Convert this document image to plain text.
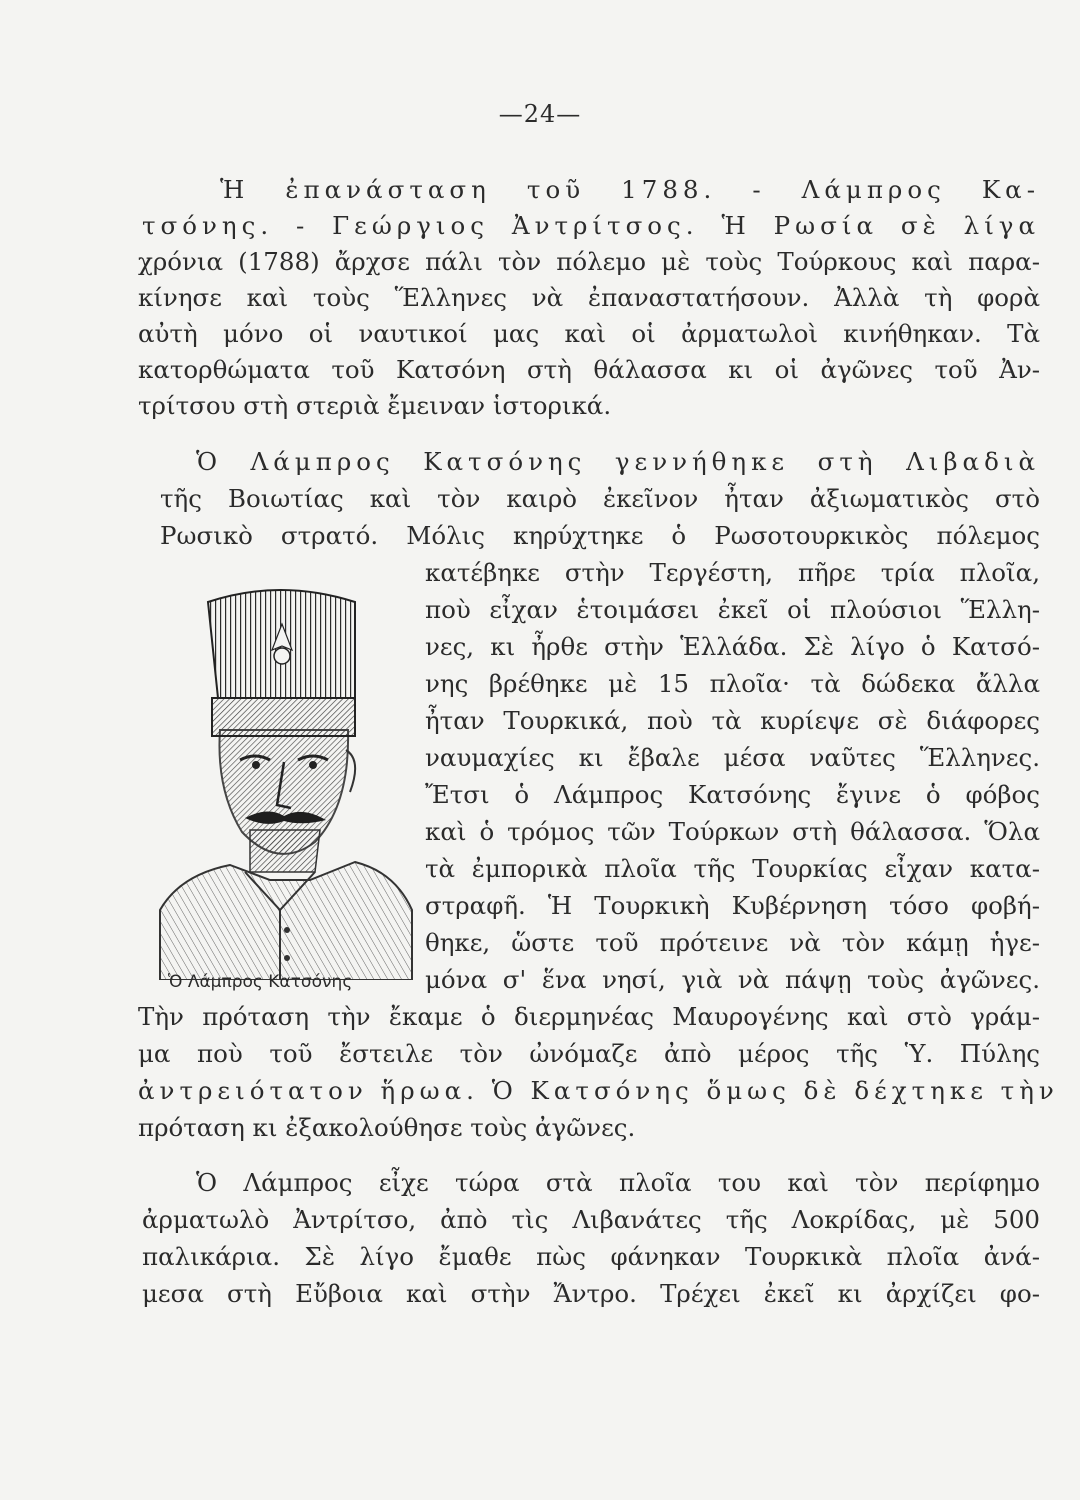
—24—
Ἡ ἐπανάσταση τοῦ 1788. - Λάμπρος Κα-
τσόνης. - Γεώργιος Ἀντρίτσος. Ἡ Ρωσία σὲ λίγα
χρόνια (1788) ἄρχσε πάλι τὸν πόλεμο μὲ τοὺς Τούρκους καὶ παρα-
κίνησε καὶ τοὺς Ἕλληνες νὰ ἐπαναστατήσουν. Ἀλλὰ τὴ φορὰ
αὐτὴ μόνο οἱ ναυτικοί μας καὶ οἱ ἀρματωλοὶ κινήθηκαν. Τὰ
κατορθώματα τοῦ Κατσόνη στὴ θάλασσα κι οἱ ἀγῶνες τοῦ Ἀν-
τρίτσου στὴ στεριὰ ἔμειναν ἱστορικά.
Ὁ Λάμπρος Κατσόνης γεννήθηκε στὴ Λιβαδιὰ
τῆς Βοιωτίας καὶ τὸν καιρὸ ἐκεῖνον ἦταν ἀξιωματικὸς στὸ
Ρωσικὸ στρατό. Μόλις κηρύχτηκε ὁ Ρωσοτουρκικὸς πόλεμος
κατέβηκε στὴν Τεργέστη, πῆρε τρία πλοῖα,
ποὺ εἶχαν ἑτοιμάσει ἐκεῖ οἱ πλούσιοι Ἕλλη-
νες, κι ἦρθε στὴν Ἑλλάδα. Σὲ λίγο ὁ Κατσό-
νης βρέθηκε μὲ 15 πλοῖα· τὰ δώδεκα ἄλλα
ἦταν Τουρκικά, ποὺ τὰ κυρίεψε σὲ διάφορες
ναυμαχίες κι ἔβαλε μέσα ναῦτες Ἕλληνες.
Ἔτσι ὁ Λάμπρος Κατσόνης ἔγινε ὁ φόβος
καὶ ὁ τρόμος τῶν Τούρκων στὴ θάλασσα. Ὅλα
τὰ ἐμπορικὰ πλοῖα τῆς Τουρκίας εἶχαν κατα-
στραφῆ. Ἡ Τουρκικὴ Κυβέρνηση τόσο φοβή-
θηκε, ὥστε τοῦ πρότεινε νὰ τὸν κάμῃ ἡγε-
μόνα σ' ἕνα νησί, γιὰ νὰ πάψῃ τοὺς ἀγῶνες.
Τὴν πρόταση τὴν ἔκαμε ὁ διερμηνέας Μαυρογένης καὶ στὸ γράμ-
μα ποὺ τοῦ ἔστειλε τὸν ὠνόμαζε ἀπὸ μέρος τῆς Ὑ. Πύλης
ἀντρειότατον ἥρωα. Ὁ Κατσόνης ὅμως δὲ δέχτηκε τὴν
πρόταση κι ἐξακολούθησε τοὺς ἀγῶνες.
Ὁ Λάμπρος εἶχε τώρα στὰ πλοῖα του καὶ τὸν περίφημο
ἀρματωλὸ Ἀντρίτσο, ἀπὸ τὶς Λιβανάτες τῆς Λοκρίδας, μὲ 500
παλικάρια. Σὲ λίγο ἔμαθε πὼς φάνηκαν Τουρκικὰ πλοῖα ἀνά-
μεσα στὴ Εὔβοια καὶ στὴν Ἄντρο. Τρέχει ἐκεῖ κι ἀρχίζει φο-
Ὁ Λάμπρος Κατσόνης
